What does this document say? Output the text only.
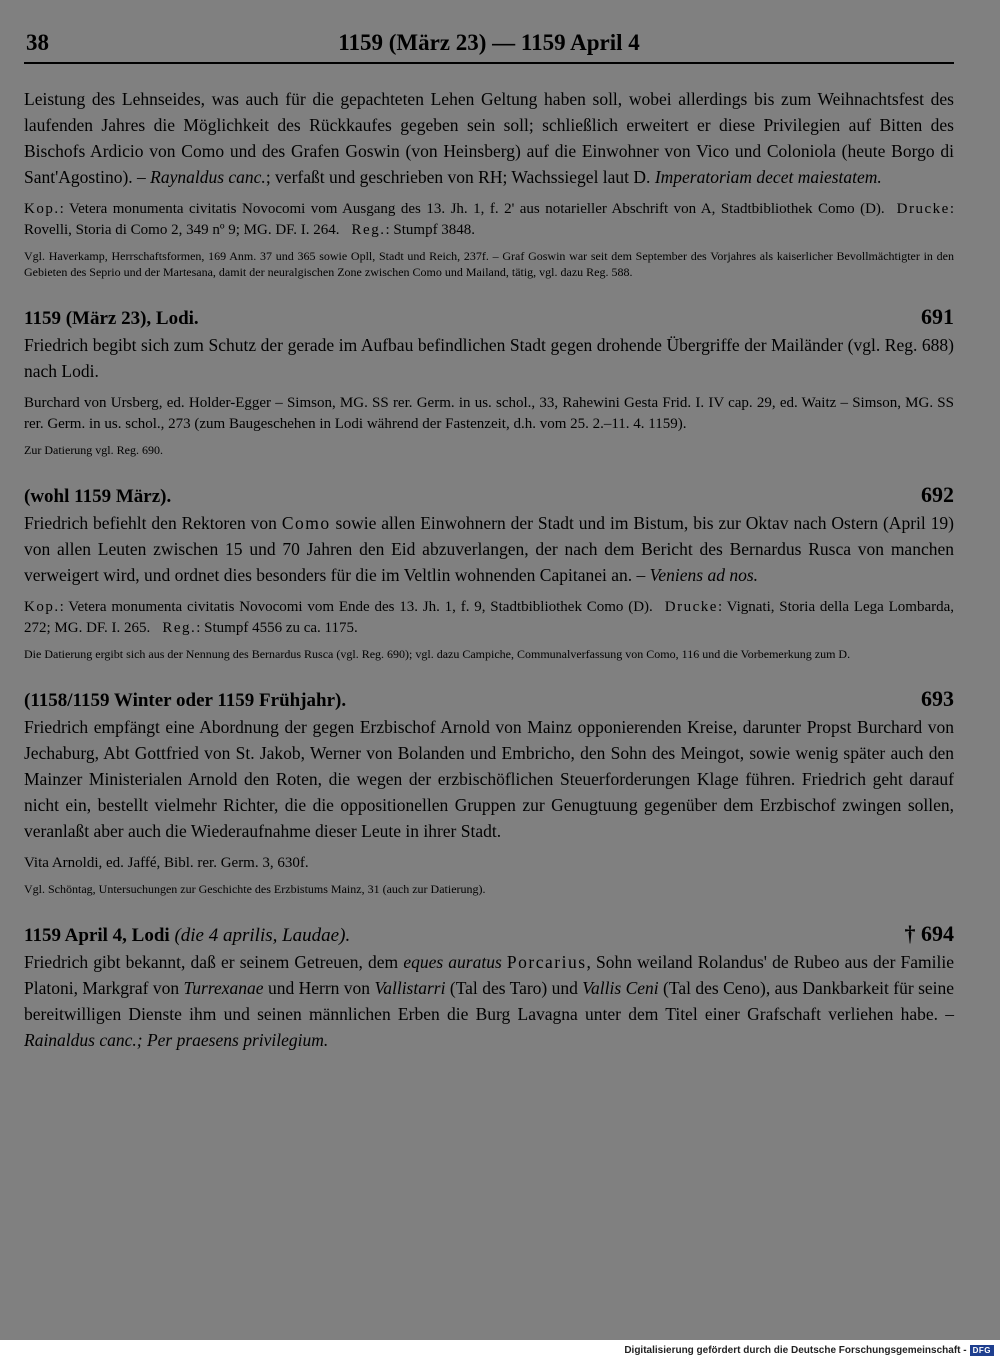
38	1159 (März 23) — 1159 April 4

Leistung des Lehnseides, was auch für die gepachteten Lehen Geltung haben soll, wobei allerdings bis zum Weihnachtsfest des laufenden Jahres die Möglichkeit des Rückkaufes gegeben sein soll; schließlich erweitert er diese Privilegien auf Bitten des Bischofs Ardicio von Como und des Grafen Goswin (von Heinsberg) auf die Einwohner von Vico und Coloniola (heute Borgo di Sant'Agostino). – Raynaldus canc.; verfaßt und geschrieben von RH; Wachssiegel laut D. Imperatoriam decet maiestatem.

Kop.: Vetera monumenta civitatis Novocomi vom Ausgang des 13. Jh. 1, f. 2' aus notarieller Abschrift von A, Stadtbibliothek Como (D). Drucke: Rovelli, Storia di Como 2, 349 nº 9; MG. DF. I. 264. Reg.: Stumpf 3848.

Vgl. Haverkamp, Herrschaftsformen, 169 Anm. 37 und 365 sowie Opll, Stadt und Reich, 237f. – Graf Goswin war seit dem September des Vorjahres als kaiserlicher Bevollmächtigter in den Gebieten des Seprio und der Martesana, damit der neuralgischen Zone zwischen Como und Mailand, tätig, vgl. dazu Reg. 588.

1159 (März 23), Lodi.	691

Friedrich begibt sich zum Schutz der gerade im Aufbau befindlichen Stadt gegen drohende Übergriffe der Mailänder (vgl. Reg. 688) nach Lodi.

Burchard von Ursberg, ed. Holder-Egger – Simson, MG. SS rer. Germ. in us. schol., 33, Rahewini Gesta Frid. I. IV cap. 29, ed. Waitz – Simson, MG. SS rer. Germ. in us. schol., 273 (zum Baugeschehen in Lodi während der Fastenzeit, d.h. vom 25. 2.–11. 4. 1159).

Zur Datierung vgl. Reg. 690.

(wohl 1159 März).	692

Friedrich befiehlt den Rektoren von Como sowie allen Einwohnern der Stadt und im Bistum, bis zur Oktav nach Ostern (April 19) von allen Leuten zwischen 15 und 70 Jahren den Eid abzuverlangen, der nach dem Bericht des Bernardus Rusca von manchen verweigert wird, und ordnet dies besonders für die im Veltlin wohnenden Capitanei an. – Veniens ad nos.

Kop.: Vetera monumenta civitatis Novocomi vom Ende des 13. Jh. 1, f. 9, Stadtbibliothek Como (D). Drucke: Vignati, Storia della Lega Lombarda, 272; MG. DF. I. 265. Reg.: Stumpf 4556 zu ca. 1175.

Die Datierung ergibt sich aus der Nennung des Bernardus Rusca (vgl. Reg. 690); vgl. dazu Campiche, Communalverfassung von Como, 116 und die Vorbemerkung zum D.

(1158/1159 Winter oder 1159 Frühjahr).	693

Friedrich empfängt eine Abordnung der gegen Erzbischof Arnold von Mainz opponierenden Kreise, darunter Propst Burchard von Jechaburg, Abt Gottfried von St. Jakob, Werner von Bolanden und Embricho, den Sohn des Meingot, sowie wenig später auch den Mainzer Ministerialen Arnold den Roten, die wegen der erzbischöflichen Steuerforderungen Klage führen. Friedrich geht darauf nicht ein, bestellt vielmehr Richter, die die oppositionellen Gruppen zur Genugtuung gegenüber dem Erzbischof zwingen sollen, veranlaßt aber auch die Wiederaufnahme dieser Leute in ihrer Stadt.

Vita Arnoldi, ed. Jaffé, Bibl. rer. Germ. 3, 630f.

Vgl. Schöntag, Untersuchungen zur Geschichte des Erzbistums Mainz, 31 (auch zur Datierung).

1159 April 4, Lodi (die 4 aprilis, Laudae).	† 694

Friedrich gibt bekannt, daß er seinem Getreuen, dem eques auratus Porcarius, Sohn weiland Rolandus' de Rubeo aus der Familie Platoni, Markgraf von Turrexanae und Herrn von Vallistarri (Tal des Taro) und Vallis Ceni (Tal des Ceno), aus Dankbarkeit für seine bereitwilligen Dienste ihm und seinen männlichen Erben die Burg Lavagna unter dem Titel einer Grafschaft verliehen habe. – Rainaldus canc.; Per praesens privilegium.

Digitalisierung gefördert durch die Deutsche Forschungsgemeinschaft - DFG
